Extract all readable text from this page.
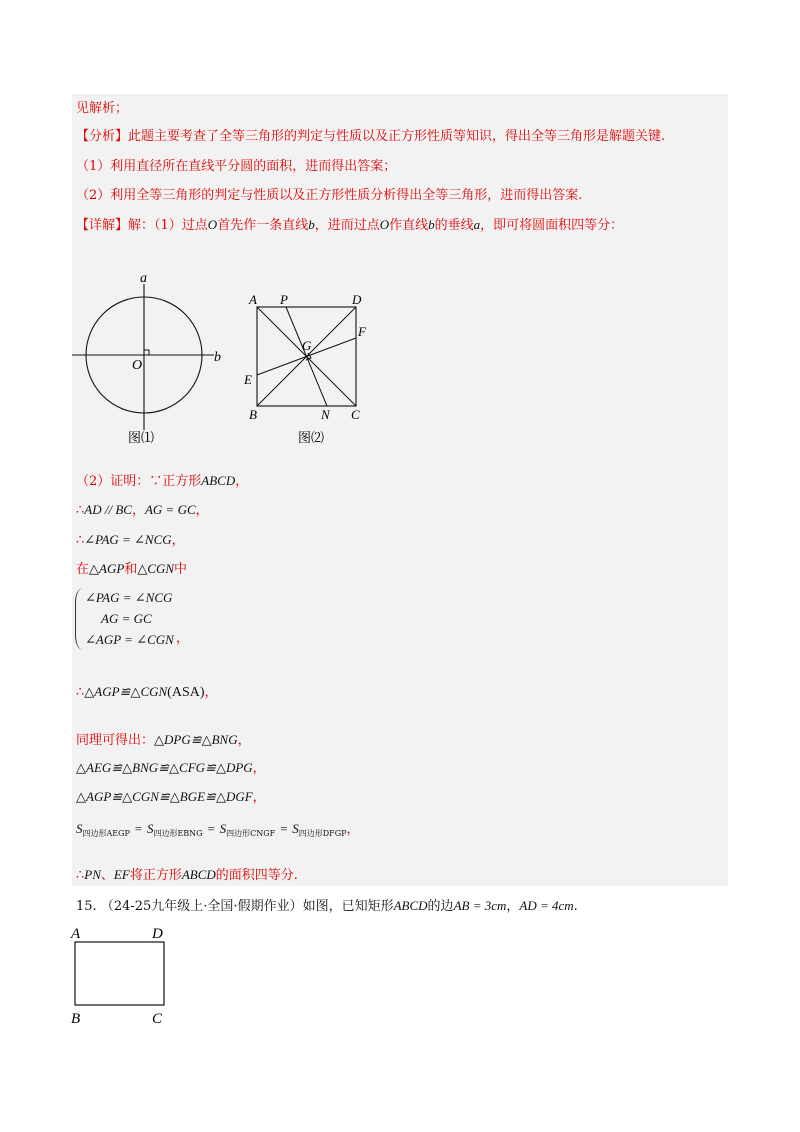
见解析；
【分析】此题主要考查了全等三角形的判定与性质以及正方形性质等知识，得出全等三角形是解题关键.
（1）利用直径所在直线平分圆的面积，进而得出答案；
（2）利用全等三角形的判定与性质以及正方形性质分析得出全等三角形，进而得出答案.
【详解】解：（1）过点O首先作一条直线b，进而过点O作直线b的垂线a，即可将圆面积四等分：
a
b
O
图⑴
A P	D
F
G
E
B	N C
图⑵
（2）证明：∵正方形ABCD，
∴AD // BC，AG = GC，
∴∠PAG = ∠NCG，
在△AGP和△CGN中
∠PAG = ∠NCG
AG = GC
∠AGP = ∠CGN ，
∴△AGP≌△CGN(ASA)，
同理可得出：△DPG≌△BNG，
△AEG≌△BNG≌△CFG≌△DPG，
△AGP≌△CGN≌△BGE≌△DGF，
$S_{四边形AEGP} = S_{四边形EBNG} = S_{四边形CNGF} = S_{四边形DFGP}$，
∴PN、EF将正方形ABCD的面积四等分.
15. （24-25九年级上·全国·假期作业）如图，已知矩形ABCD的边AB = 3cm，AD = 4cm.
A	D
B	C
